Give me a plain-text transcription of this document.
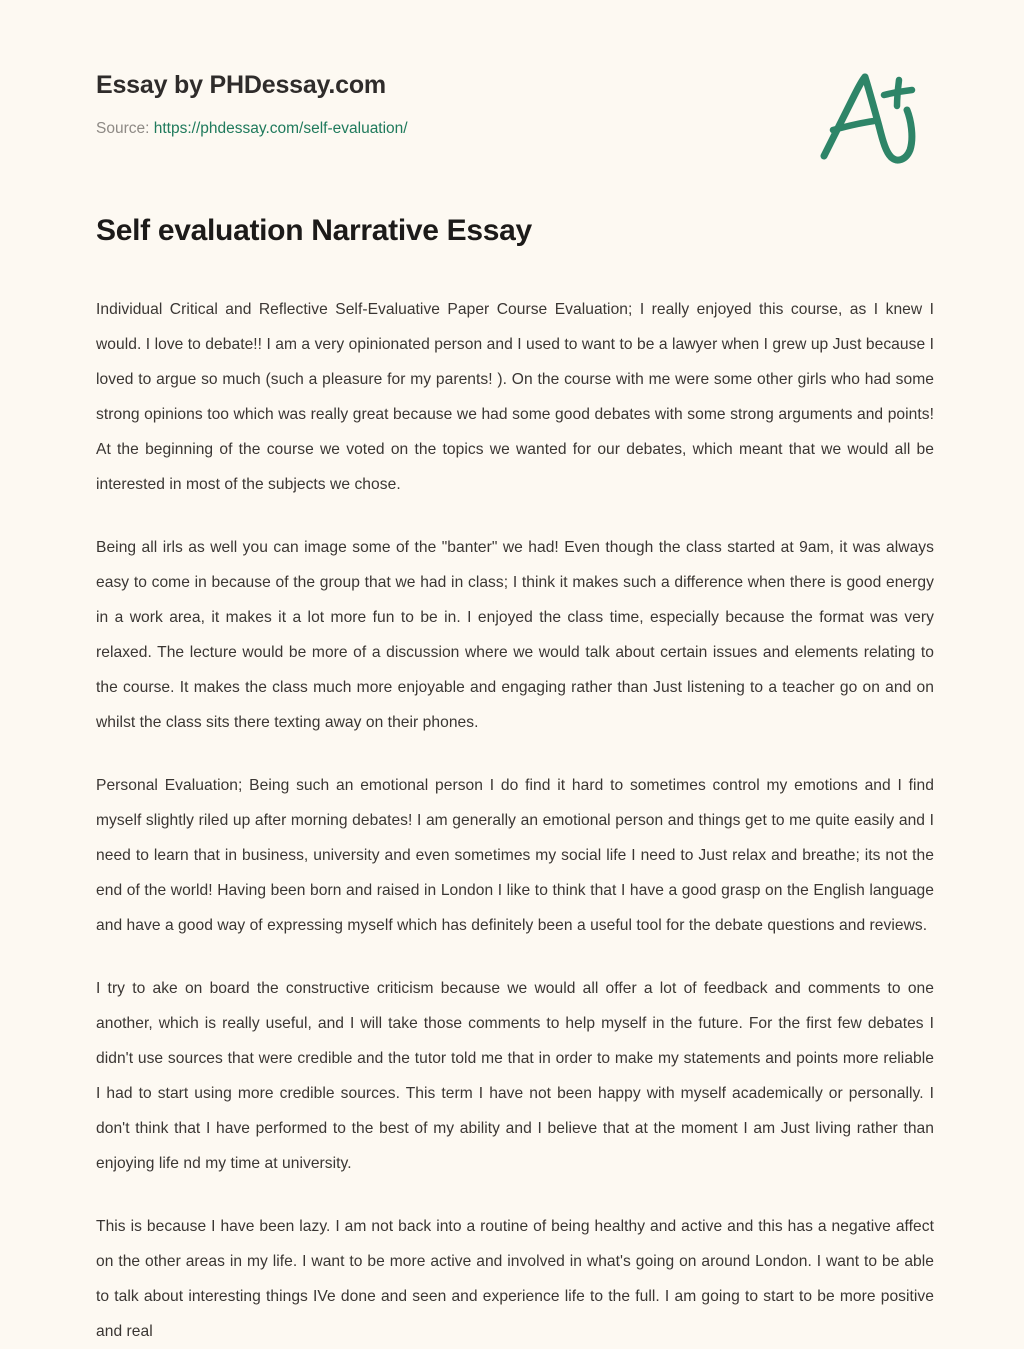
Essay by PHDessay.com
Source: https://phdessay.com/self-evaluation/
Self evaluation Narrative Essay

Individual Critical and Reflective Self-Evaluative Paper Course Evaluation; I really enjoyed this course, as I knew I would. I love to debate!! I am a very opinionated person and I used to want to be a lawyer when I grew up Just because I loved to argue so much (such a pleasure for my parents! ). On the course with me were some other girls who had some strong opinions too which was really great because we had some good debates with some strong arguments and points! At the beginning of the course we voted on the topics we wanted for our debates, which meant that we would all be interested in most of the subjects we chose.

Being all irls as well you can image some of the "banter" we had! Even though the class started at 9am, it was always easy to come in because of the group that we had in class; I think it makes such a difference when there is good energy in a work area, it makes it a lot more fun to be in. I enjoyed the class time, especially because the format was very relaxed. The lecture would be more of a discussion where we would talk about certain issues and elements relating to the course. It makes the class much more enjoyable and engaging rather than Just listening to a teacher go on and on whilst the class sits there texting away on their phones.

Personal Evaluation; Being such an emotional person I do find it hard to sometimes control my emotions and I find myself slightly riled up after morning debates! I am generally an emotional person and things get to me quite easily and I need to learn that in business, university and even sometimes my social life I need to Just relax and breathe; its not the end of the world! Having been born and raised in London I like to think that I have a good grasp on the English language and have a good way of expressing myself which has definitely been a useful tool for the debate questions and reviews.

I try to ake on board the constructive criticism because we would all offer a lot of feedback and comments to one another, which is really useful, and I will take those comments to help myself in the future. For the first few debates I didn't use sources that were credible and the tutor told me that in order to make my statements and points more reliable I had to start using more credible sources. This term I have not been happy with myself academically or personally. I don't think that I have performed to the best of my ability and I believe that at the moment I am Just living rather than enjoying life nd my time at university.

This is because I have been lazy. I am not back into a routine of being healthy and active and this has a negative affect on the other areas in my life. I want to be more active and involved in what's going on around London. I want to be able to talk about interesting things IVe done and seen and experience life to the full. I am going to start to be more positive and real
